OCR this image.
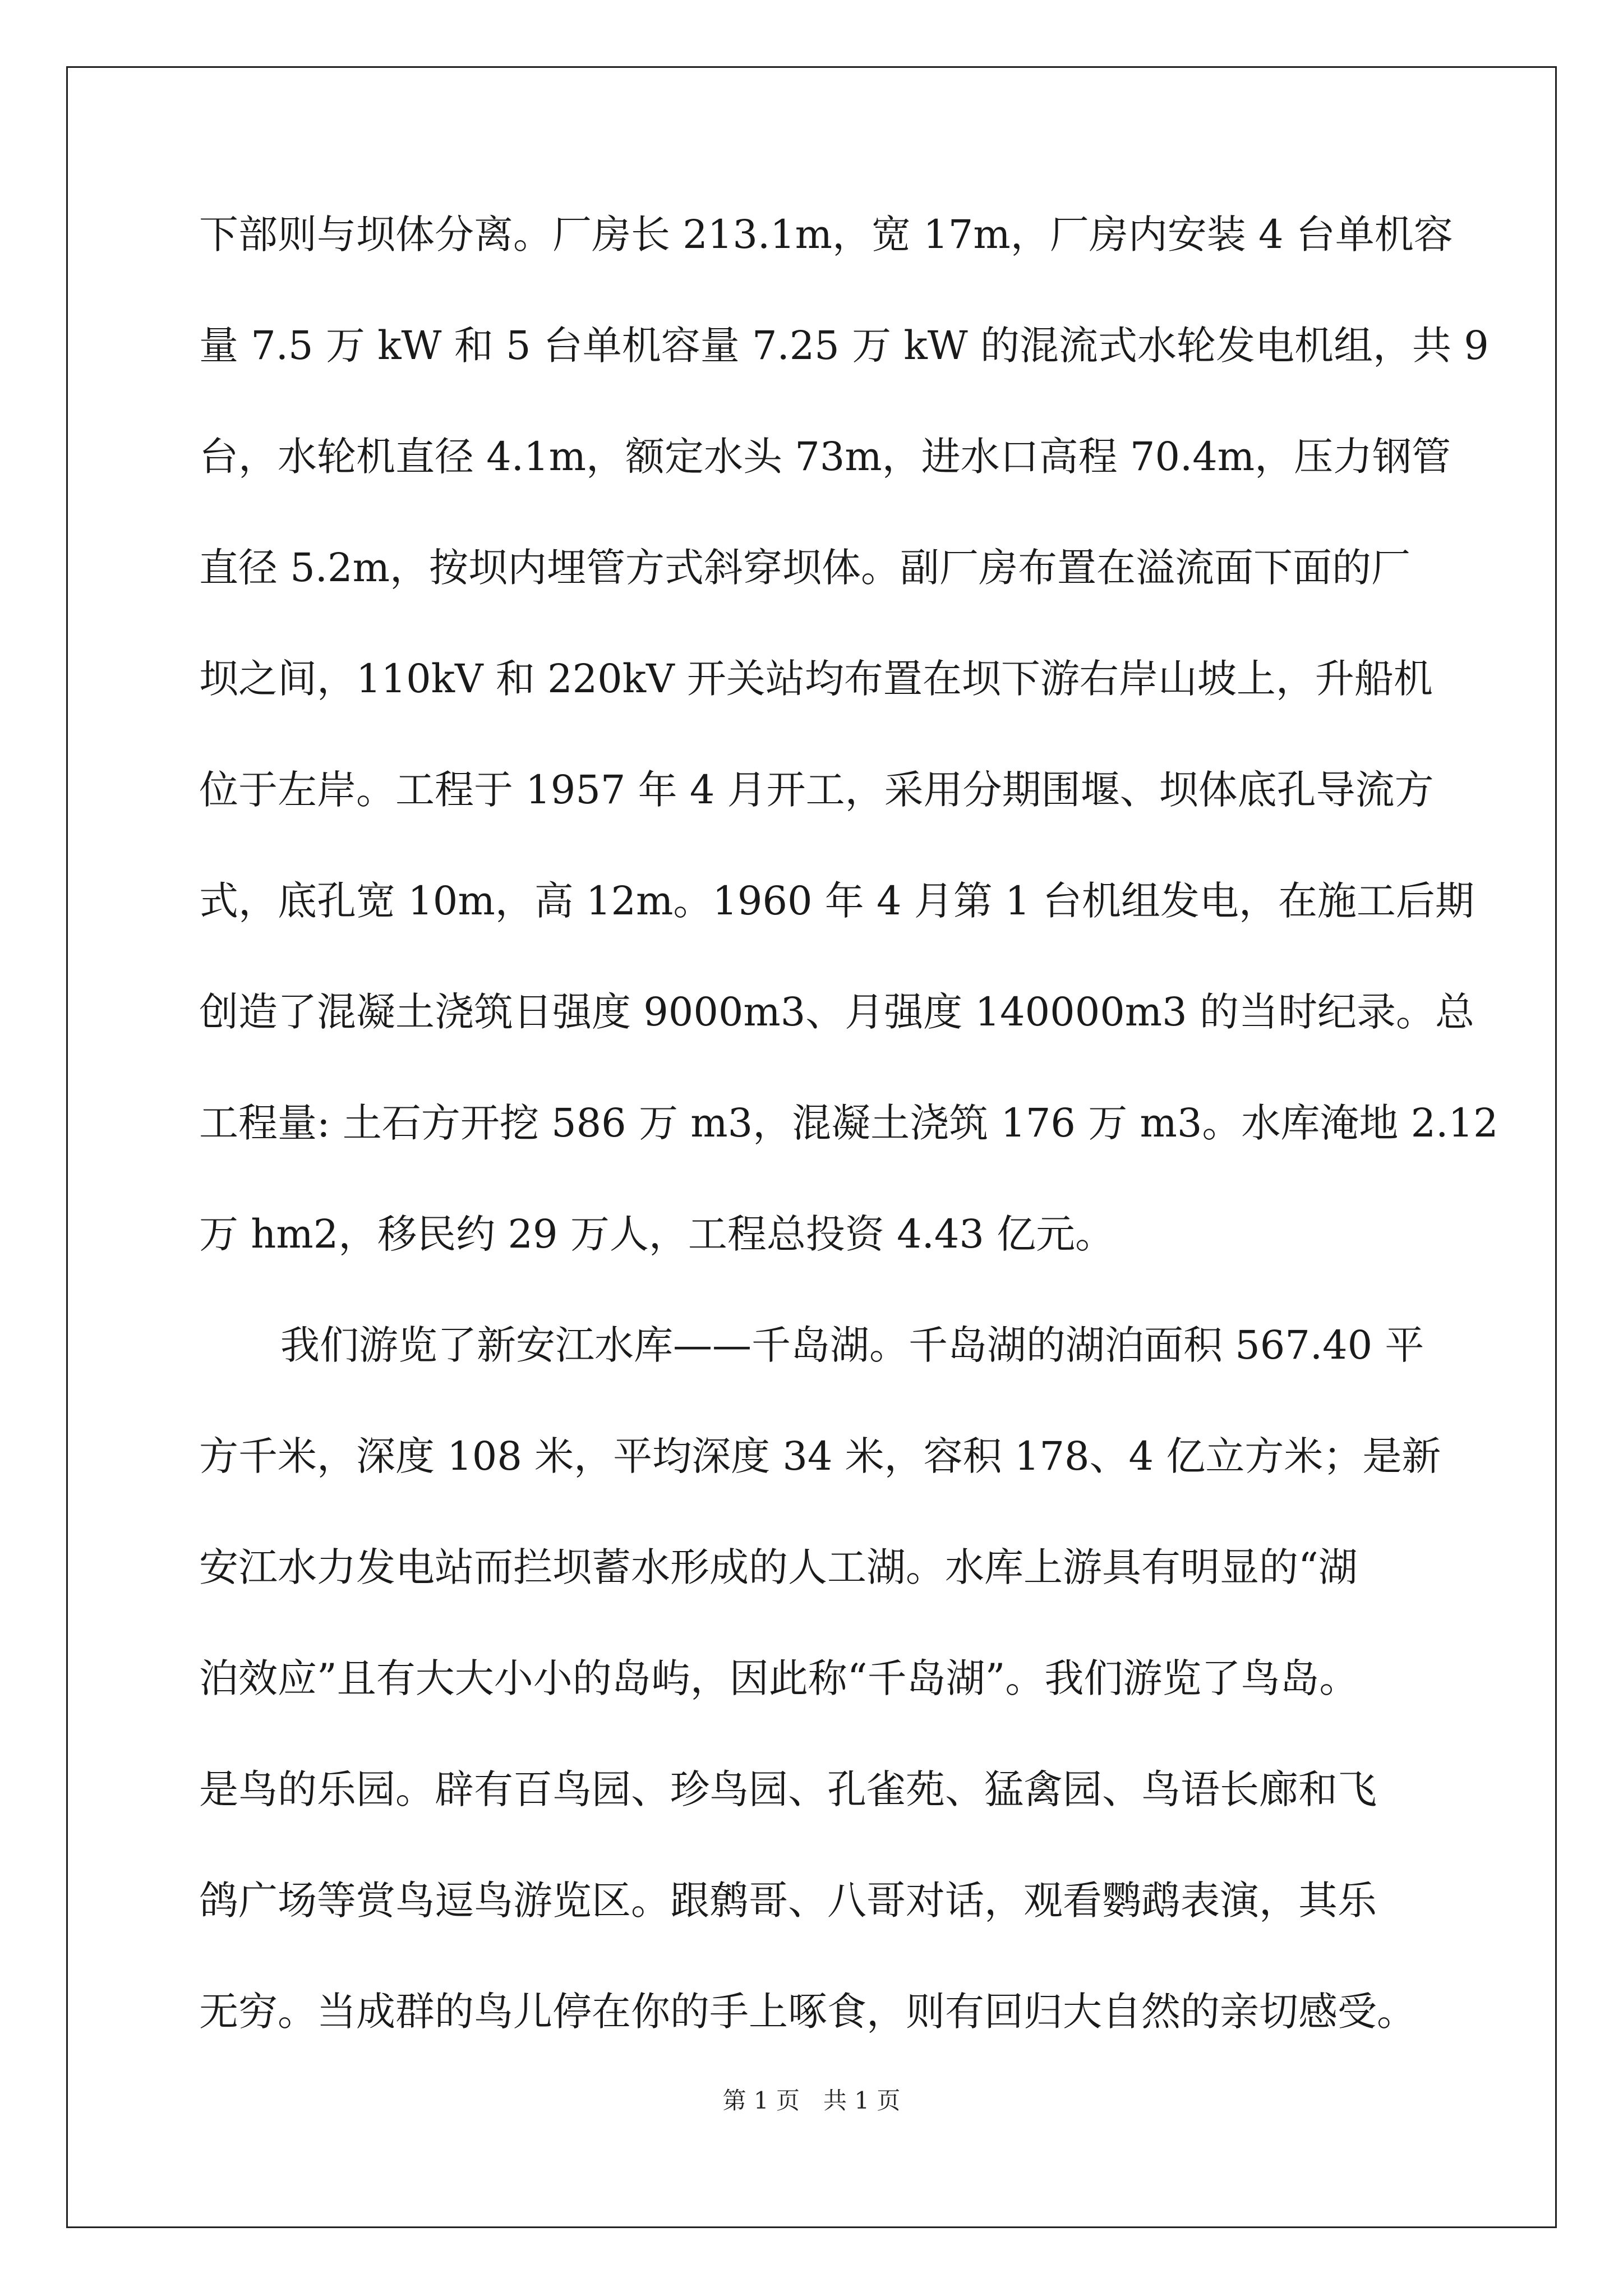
下部则与坝体分离。厂房长 213.1m，宽 17m，厂房内安装 4 台单机容
量 7.5 万 kW 和 5 台单机容量 7.25 万 kW 的混流式水轮发电机组，共 9
台，水轮机直径 4.1m，额定水头 73m，进水口高程 70.4m，压力钢管
直径 5.2m，按坝内埋管方式斜穿坝体。副厂房布置在溢流面下面的厂
坝之间，110kV 和 220kV 开关站均布置在坝下游右岸山坡上，升船机
位于左岸。工程于 1957 年 4 月开工，采用分期围堰、坝体底孔导流方
式，底孔宽 10m，高 12m。1960 年 4 月第 1 台机组发电，在施工后期
创造了混凝土浇筑日强度 9000m3、月强度 140000m3 的当时纪录。总
工程量: 土石方开挖 586 万 m3，混凝土浇筑 176 万 m3。水库淹地 2.12
万 hm2，移民约 29 万人，工程总投资 4.43 亿元。
我们游览了新安江水库——千岛湖。千岛湖的湖泊面积 567.40 平
方千米，深度 108 米，平均深度 34 米，容积 178、4 亿立方米；是新
安江水力发电站而拦坝蓄水形成的人工湖。水库上游具有明显的“湖
泊效应”且有大大小小的岛屿，因此称“千岛湖”。我们游览了鸟岛。
是鸟的乐园。辟有百鸟园、珍鸟园、孔雀苑、猛禽园、鸟语长廊和飞
鸽广场等赏鸟逗鸟游览区。跟鹩哥、八哥对话，观看鹦鹉表演，其乐
无穷。当成群的鸟儿停在你的手上啄食，则有回归大自然的亲切感受。
第 1 页　共 1 页
